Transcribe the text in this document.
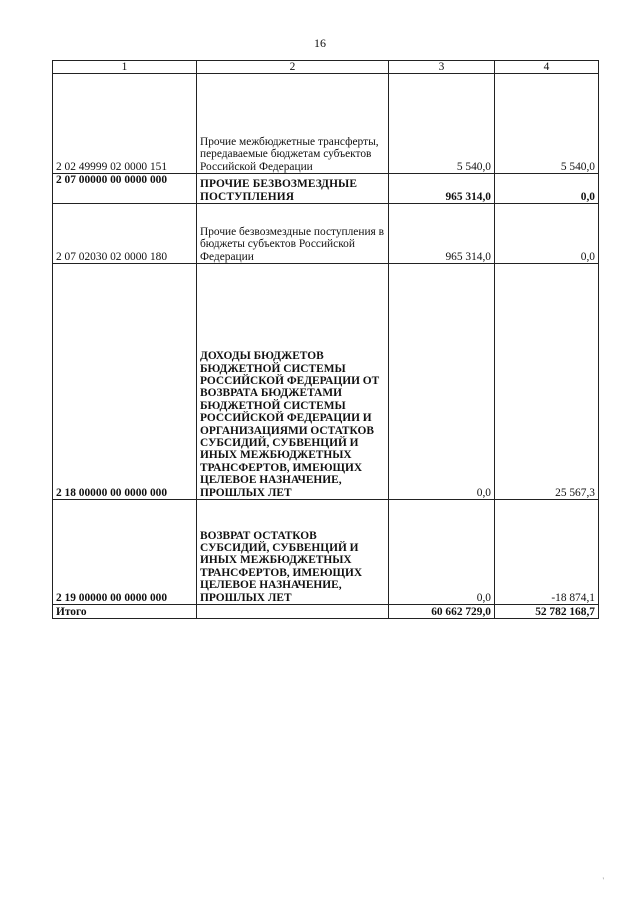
16
1	2	3	4
2 02 49999 02 0000 151	Прочие межбюджетные трансферты, передаваемые бюджетам субъектов Российской Федерации	5 540,0	5 540,0
2 07 00000 00 0000 000	ПРОЧИЕ БЕЗВОЗМЕЗДНЫЕ ПОСТУПЛЕНИЯ	965 314,0	0,0
2 07 02030 02 0000 180	Прочие безвозмездные поступления в бюджеты субъектов Российской Федерации	965 314,0	0,0
2 18 00000 00 0000 000	ДОХОДЫ БЮДЖЕТОВ БЮДЖЕТНОЙ СИСТЕМЫ РОССИЙСКОЙ ФЕДЕРАЦИИ ОТ ВОЗВРАТА БЮДЖЕТАМИ БЮДЖЕТНОЙ СИСТЕМЫ РОССИЙСКОЙ ФЕДЕРАЦИИ И ОРГАНИЗАЦИЯМИ ОСТАТКОВ СУБСИДИЙ, СУБВЕНЦИЙ И ИНЫХ МЕЖБЮДЖЕТНЫХ ТРАНСФЕРТОВ, ИМЕЮЩИХ ЦЕЛЕВОЕ НАЗНАЧЕНИЕ, ПРОШЛЫХ ЛЕТ	0,0	25 567,3
2 19 00000 00 0000 000	ВОЗВРАТ ОСТАТКОВ СУБСИДИЙ, СУБВЕНЦИЙ И ИНЫХ МЕЖБЮДЖЕТНЫХ ТРАНСФЕРТОВ, ИМЕЮЩИХ ЦЕЛЕВОЕ НАЗНАЧЕНИЕ, ПРОШЛЫХ ЛЕТ	0,0	-18 874,1
Итого		60 662 729,0	52 782 168,7
'
